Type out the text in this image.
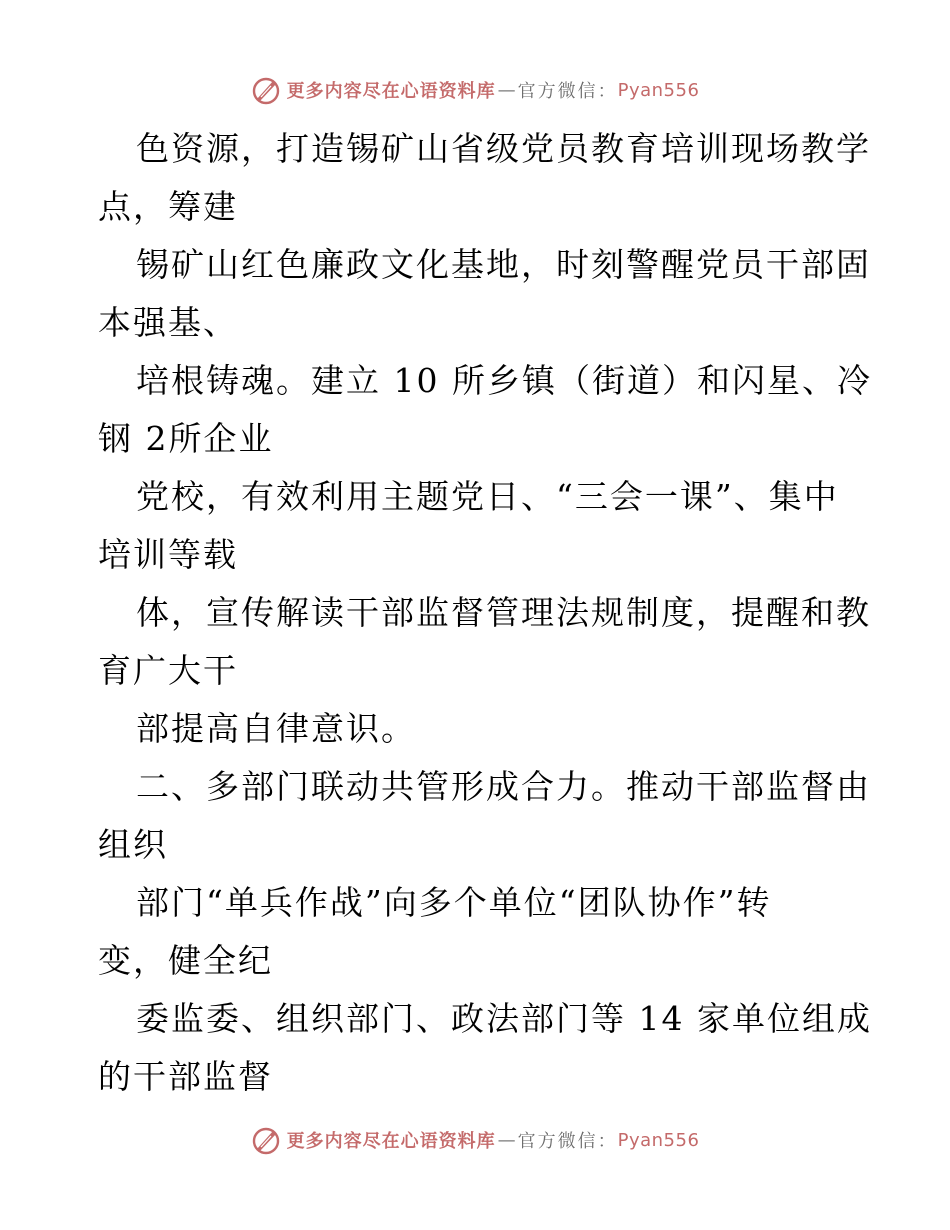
更多内容尽在心语资料库 — 官方微信： Pyan556
色资源，打造锡矿山省级党员教育培训现场教学
点，筹建
锡矿山红色廉政文化基地，时刻警醒党员干部固
本强基、
培根铸魂。建立 10 所乡镇（街道）和闪星、冷
钢 2所企业
党校，有效利用主题党日、“三会一课”、集中
培训等载
体，宣传解读干部监督管理法规制度，提醒和教
育广大干
部提高自律意识。
二、多部门联动共管形成合力。推动干部监督由
组织
部门“单兵作战”向多个单位“团队协作”转
变，健全纪
委监委、组织部门、政法部门等 14 家单位组成
的干部监督
更多内容尽在心语资料库 — 官方微信： Pyan556
